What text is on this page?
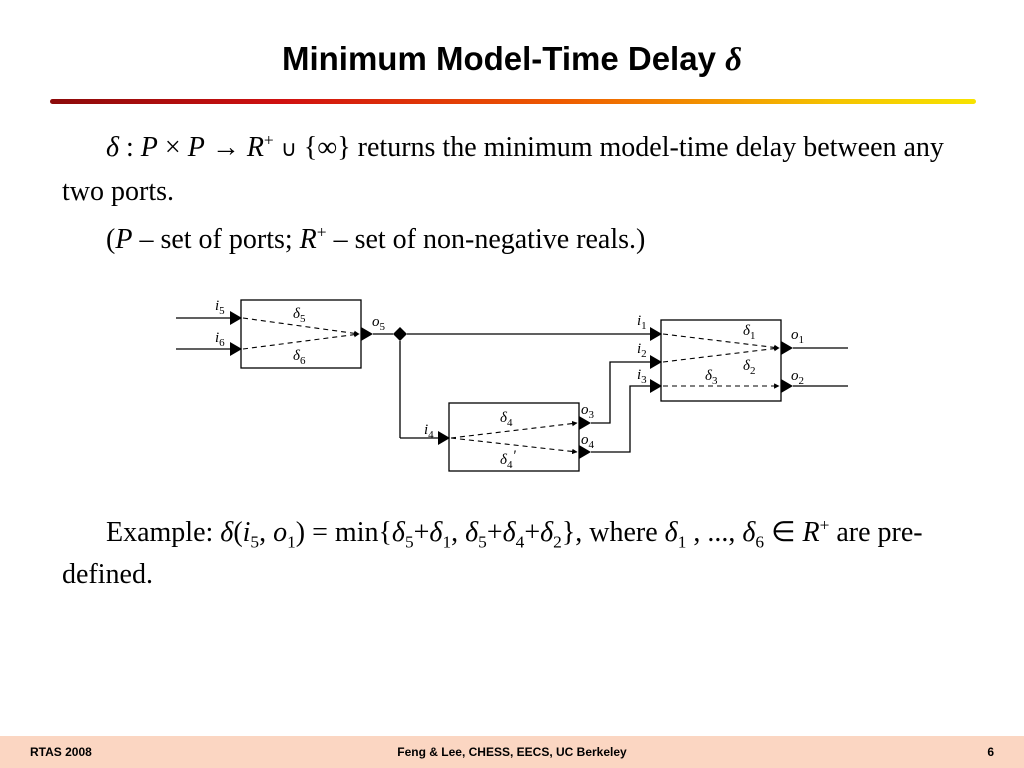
Minimum Model-Time Delay δ

δ : P × P → R+ ∪ {∞} returns the minimum model-time delay between any two ports.

(P – set of ports; R+ – set of non-negative reals.)

$i_5$
$i_6$
$o_5$
$i_4$
$o_3$
$o_4$
$i_1$
$i_2$
$i_3$
$o_1$
$o_2$
$\delta_5$
$\delta_6$
$\delta_4$
$\delta_4'$
$\delta_1$
$\delta_2$
$\delta_3$

Example: $\delta(i_5$, $o_1) = \min\{\delta_5+\delta_1$, $\delta_5+\delta_4+\delta_2$}, where $\delta_1$ , ..., $\delta_6$ ∈ R+ are pre-defined.

RTAS 2008	Feng & Lee, CHESS, EECS, UC Berkeley	6
